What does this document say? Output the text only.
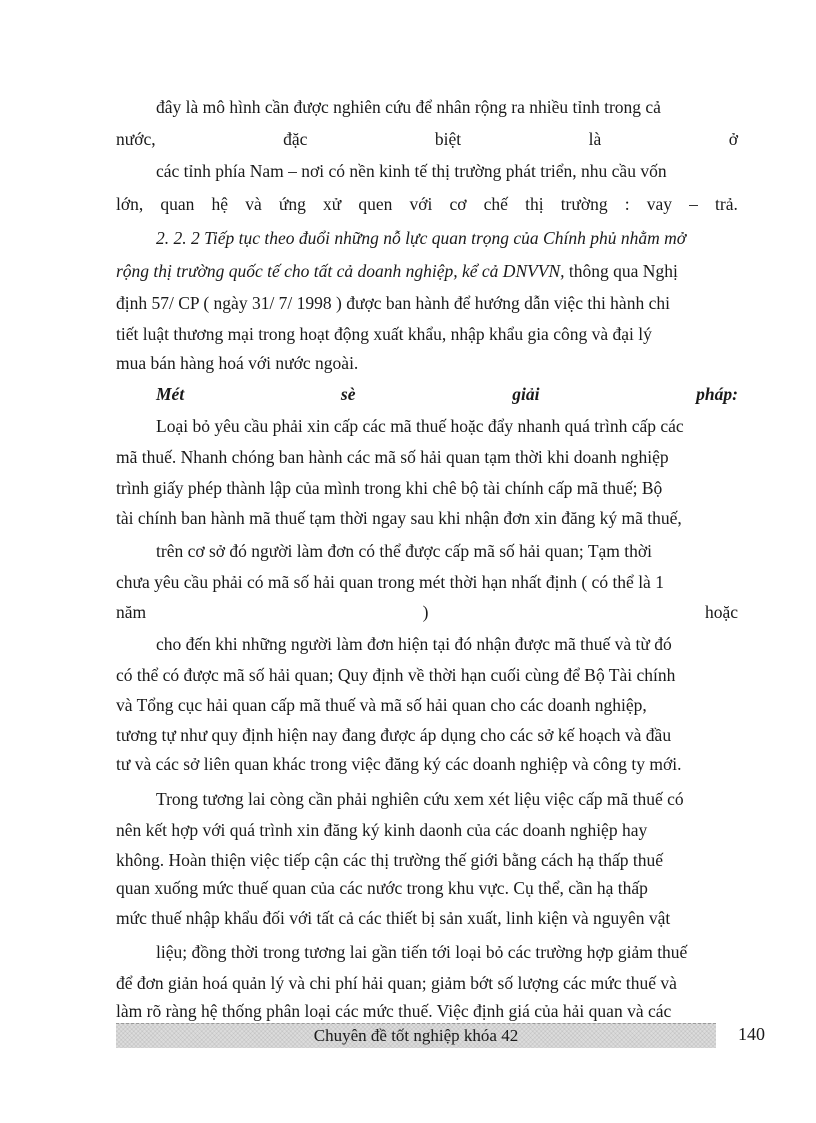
đây là mô hình cần được nghiên cứu để nhân rộng ra nhiều tỉnh trong cả
nước,	đặc	biệt	là	ở
các tỉnh phía Nam – nơi có nền kinh tế thị trường phát triển, nhu cầu vốn
lớn, quan hệ và ứng xử quen với cơ chế thị trường : vay – trả.
2. 2. 2 Tiếp tục theo đuổi những nỗ lực quan trọng của Chính phủ nhằm mở
rộng thị trường quốc tế cho tất cả doanh nghiệp, kể cả DNVVN, thông qua Nghị
định 57/ CP ( ngày 31/ 7/ 1998 ) được ban hành để hướng dẫn việc thi hành chi
tiết luật thương mại trong hoạt động xuất khẩu, nhập khẩu gia công và đại lý
mua bán hàng hoá với nước ngoài.
Mét	sè	giải	pháp:
Loại bỏ yêu cầu phải xin cấp các mã thuế hoặc đẩy nhanh quá trình cấp các
mã thuế. Nhanh chóng ban hành các mã số hải quan tạm thời khi doanh nghiệp
trình giấy phép thành lập của mình trong khi chê bộ tài chính cấp mã thuế; Bộ
tài chính ban hành mã thuế tạm thời ngay sau khi nhận đơn xin đăng ký mã thuế,
trên cơ sở đó người làm đơn có thể được cấp mã số hải quan; Tạm thời
chưa yêu cầu phải có mã số hải quan trong mét thời hạn nhất định ( có thể là 1
năm	)	hoặc
cho đến khi những người làm đơn hiện tại đó nhận được mã thuế và từ đó
có thể có được mã số hải quan; Quy định về thời hạn cuối cùng để Bộ Tài chính
và Tổng cục hải quan cấp mã thuế và mã số hải quan cho các doanh nghiệp,
tương tự như quy định hiện nay đang được áp dụng cho các sở kế hoạch và đầu
tư và các sở liên quan khác trong việc đăng ký các doanh nghiệp và công ty mới.
Trong tương lai còng cần phải nghiên cứu xem xét liệu việc cấp mã thuế có
nên kết hợp với quá trình xin đăng ký kinh daonh của các doanh nghiệp hay
không. Hoàn thiện việc tiếp cận các thị trường thế giới bằng cách hạ thấp thuế
quan xuống mức thuế quan của các nước trong khu vực. Cụ thể, cần hạ thấp
mức thuế nhập khẩu đối với tất cả các thiết bị sản xuất, linh kiện và nguyên vật
liệu; đồng thời trong tương lai gần tiến tới loại bỏ các trường hợp giảm thuế
để đơn giản hoá quản lý và chi phí hải quan; giảm bớt số lượng các mức thuế và
làm rõ ràng hệ thống phân loại các mức thuế. Việc định giá của hải quan và các
Chuyên đề tốt nghiệp khóa 42	140
